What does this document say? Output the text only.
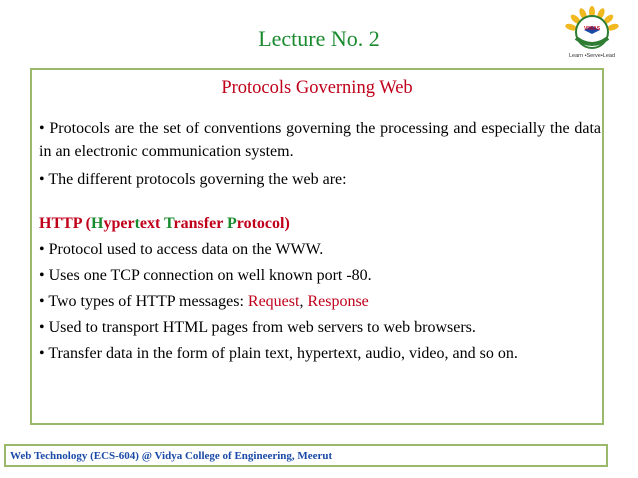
Lecture No. 2	VIWAS
Learn •Serve•Lead
Protocols Governing Web

• Protocols are the set of conventions governing the processing and especially the data in an electronic communication system.

• The different protocols governing the web are:

HTTP (Hypertext Transfer Protocol)

• Protocol used to access data on the WWW.

• Uses one TCP connection on well known port -80.

• Two types of HTTP messages: Request, Response

• Used to transport HTML pages from web servers to web browsers.

• Transfer data in the form of plain text, hypertext, audio, video, and so on.

Web Technology (ECS-604) @ Vidya College of Engineering, Meerut
